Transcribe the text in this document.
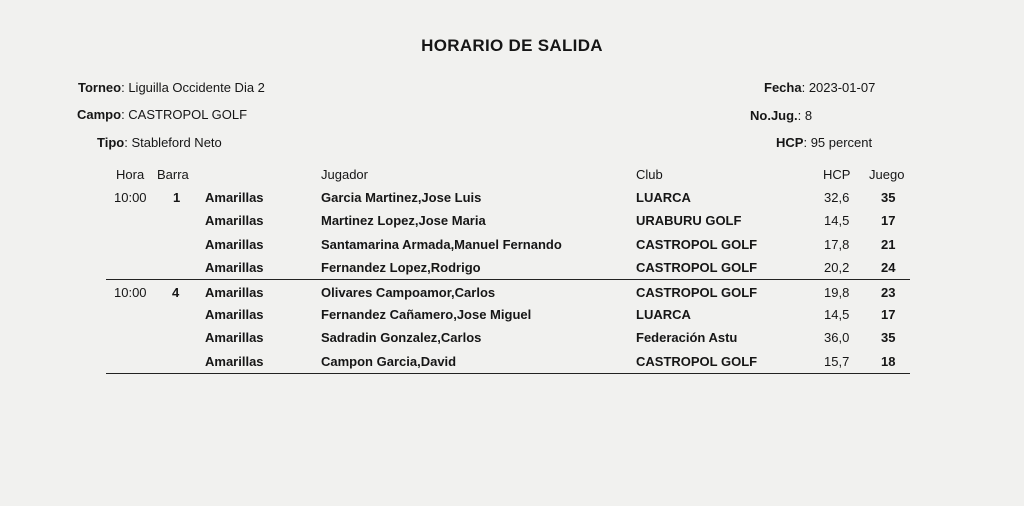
HORARIO DE SALIDA
Torneo: Liguilla Occidente Dia 2
Campo: CASTROPOL GOLF
Tipo: Stableford Neto
Fecha: 2023-01-07
No.Jug.: 8
HCP: 95 percent
Hora Barra	Jugador	Club	HCP Juego
10:00 1 Amarillas	Garcia Martinez,Jose Luis	LUARCA	32,6 35
Amarillas	Martinez Lopez,Jose Maria	URABURU GOLF	14,5 17
Amarillas	Santamarina Armada,Manuel Fernando	CASTROPOL GOLF	17,8 21
Amarillas	Fernandez Lopez,Rodrigo	CASTROPOL GOLF	20,2 24
10:00 4 Amarillas	Olivares Campoamor,Carlos	CASTROPOL GOLF	19,8 23
Amarillas	Fernandez Cañamero,Jose Miguel	LUARCA	14,5 17
Amarillas	Sadradin Gonzalez,Carlos	Federación Astu	36,0 35
Amarillas	Campon Garcia,David	CASTROPOL GOLF	15,7 18
